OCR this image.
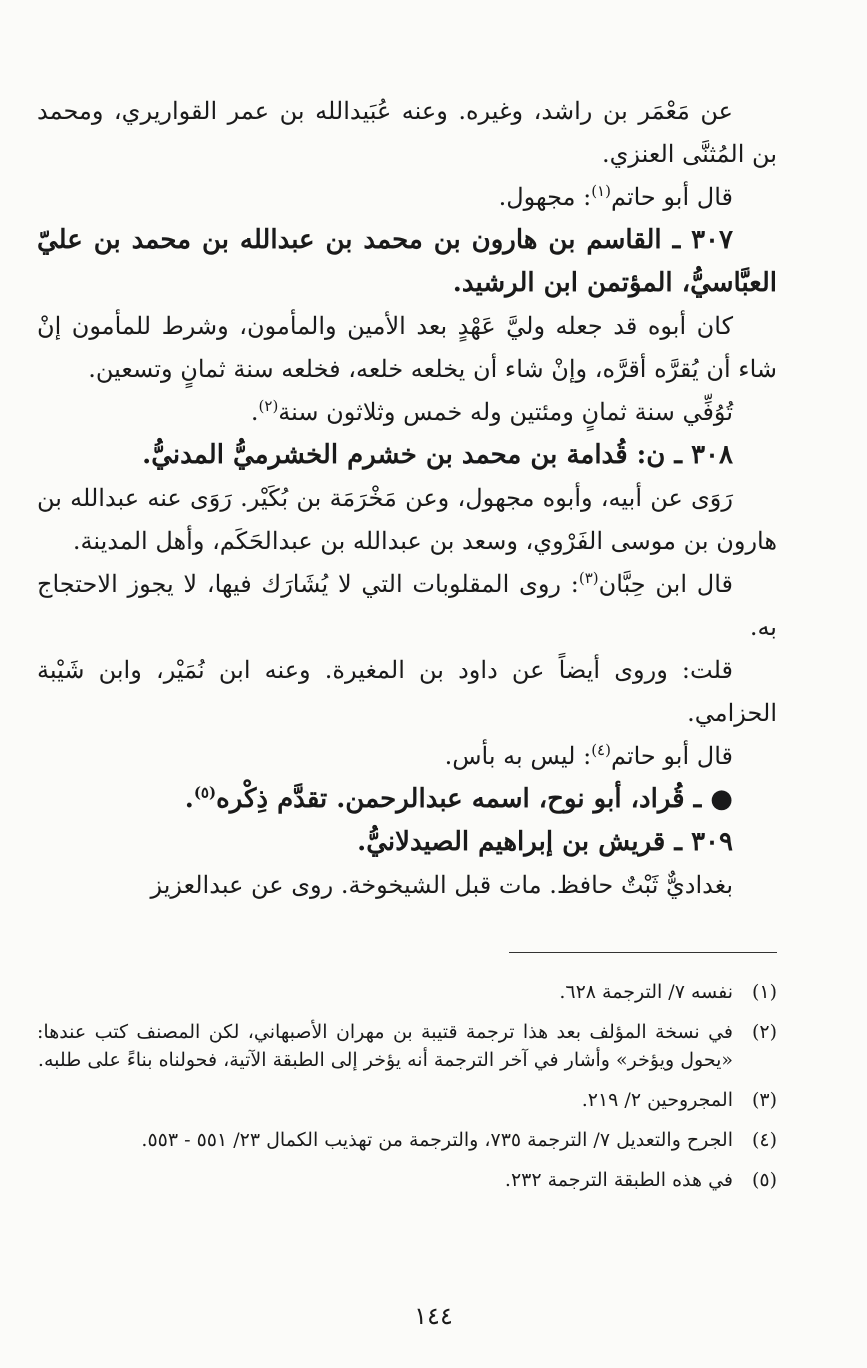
عن مَعْمَر بن راشد، وغيره. وعنه عُبَيدالله بن عمر القواريري، ومحمد بن المُثنَّى العنزي.

قال أبو حاتم$^{(١)}$: مجهول.

٣٠٧ ـ القاسم بن هارون بن محمد بن عبدالله بن محمد بن عليّ العبَّاسيُّ، المؤتمن ابن الرشيد.

كان أبوه قد جعله وليَّ عَهْدٍ بعد الأمين والمأمون، وشرط للمأمون إنْ شاء أن يُقرَّه أقرَّه، وإنْ شاء أن يخلعه خلعه، فخلعه سنة ثمانٍ وتسعين.

تُوُفِّي سنة ثمانٍ ومئتين وله خمس وثلاثون سنة$^{(٢)}$.

٣٠٨ ـ ن: قُدامة بن محمد بن خشرم الخشرميُّ المدنيُّ.

رَوَى عن أبيه، وأبوه مجهول، وعن مَخْرَمَة بن بُكَيْر. رَوَى عنه عبدالله بن هارون بن موسى الفَرْوي، وسعد بن عبدالله بن عبدالحَكَم، وأهل المدينة.

قال ابن حِبَّان$^{(٣)}$: روى المقلوبات التي لا يُشَارَك فيها، لا يجوز الاحتجاج به.

قلت: وروى أيضاً عن داود بن المغيرة. وعنه ابن نُمَيْر، وابن شَيْبة الحزامي.

قال أبو حاتم$^{(٤)}$: ليس به بأس.

● ـ قُراد، أبو نوح، اسمه عبدالرحمن. تقدَّم ذِكْره$^{(٥)}$.

٣٠٩ ـ قريش بن إبراهيم الصيدلانيُّ.

بغداديٌّ ثَبْتٌ حافظ. مات قبل الشيخوخة. روى عن عبدالعزيز

(١)
نفسه ٧/ الترجمة ٦٢٨.
(٢)
في نسخة المؤلف بعد هذا ترجمة قتيبة بن مهران الأصبهاني، لكن المصنف كتب عندها: «يحول ويؤخر» وأشار في آخر الترجمة أنه يؤخر إلى الطبقة الآتية، فحولناه بناءً على طلبه.
(٣)
المجروحين ٢/ ٢١٩.
(٤)
الجرح والتعديل ٧/ الترجمة ٧٣٥، والترجمة من تهذيب الكمال ٢٣/ ٥٥١ - ٥٥٣.
(٥)
في هذه الطبقة الترجمة ٢٣٢.
١٤٤
